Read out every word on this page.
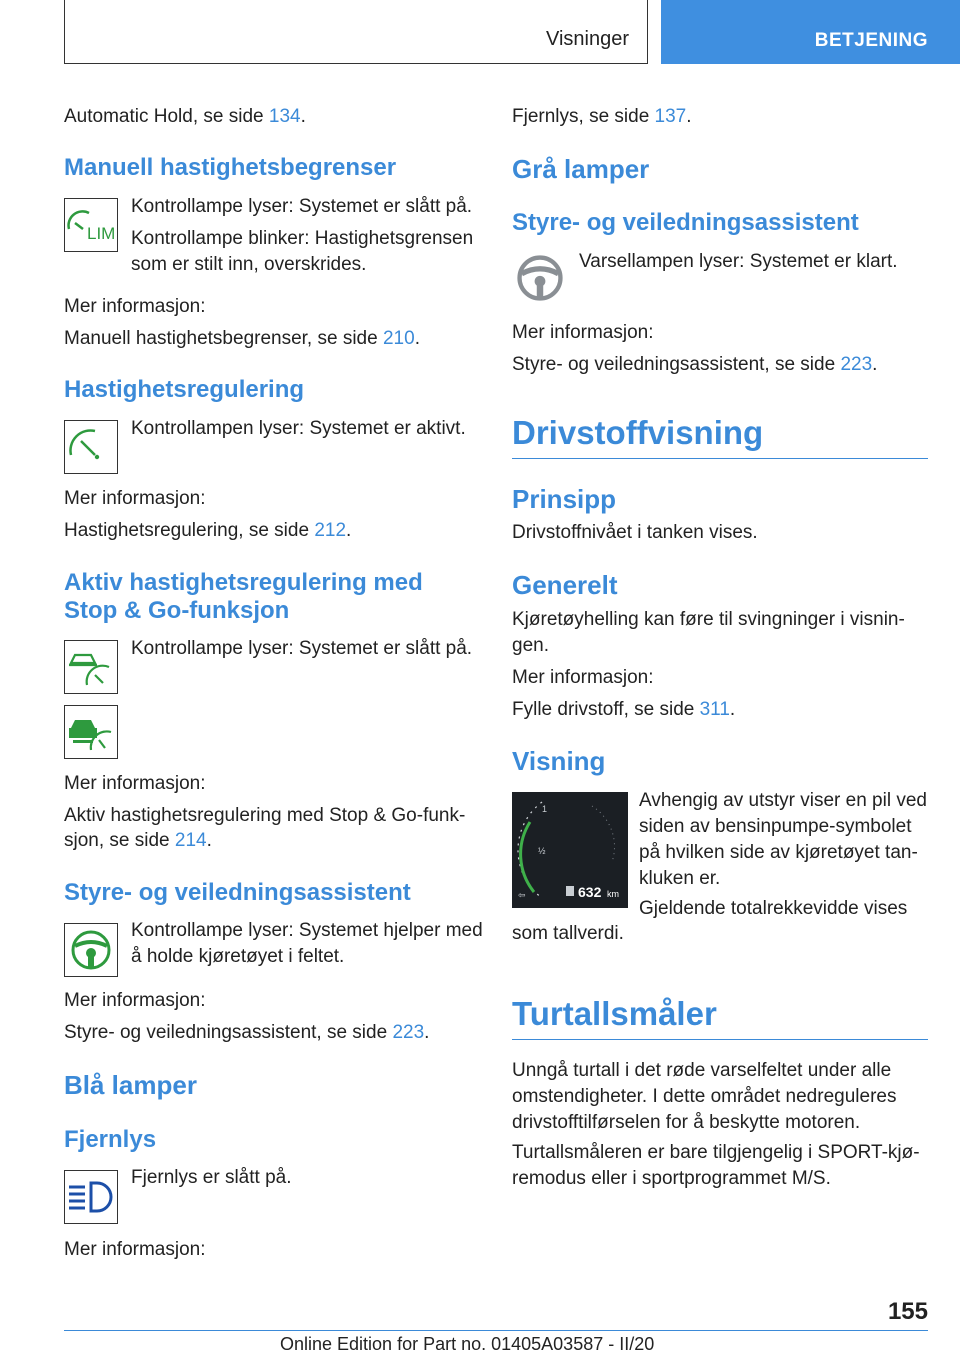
Visninger	BETJENING

Automatic Hold, se side 134.

Manuell hastighetsbegrenser
LIM

Kontrollampe lyser: Systemet er slått på.

Kontrollampe blinker: Hastighetsgrensen som er stilt inn, overskrides.

Mer informasjon:

Manuell hastighetsbegrenser, se side 210.

Hastighetsregulering

Kontrollampen lyser: Systemet er aktivt.

Mer informasjon:

Hastighetsregulering, se side 212.

Aktiv hastighetsregulering med
Stop & Go-funksjon

Kontrollampe lyser: Systemet er slått på.

Mer informasjon:

Aktiv hastighetsregulering med Stop & Go-funk-

sjon, se side 214.

Styre- og veiledningsassistent

Kontrollampe lyser: Systemet hjelper med å holde kjøretøyet i feltet.

Mer informasjon:

Styre- og veiledningsassistent, se side 223.

Blå lamper
Fjernlys

Fjernlys er slått på.

Mer informasjon:

Fjernlys, se side 137.

Grå lamper
Styre- og veiledningsassistent

Varsellampen lyser: Systemet er klart.

Mer informasjon:

Styre- og veiledningsassistent, se side 223.

Drivstoffvisning
Prinsipp

Drivstoffnivået i tanken vises.

Generelt

Kjøretøyhelling kan føre til svingninger i visnin-gen.

Mer informasjon:

Fylle drivstoff, se side 311.

Visning
1
½
⇦	632 km

Avhengig av utstyr viser en pil ved siden av bensinpumpe-symbolet på hvilken side av kjøretøyet tan-kluken er.

Gjeldende totalrekkevidde vises

som tallverdi.

Turtallsmåler

Unngå turtall i det røde varselfeltet under alle omstendigheter. I dette området nedreguleres drivstofftilførselen for å beskytte motoren.

Turtallsmåleren er bare tilgjengelig i SPORT-kjø-remodus eller i sportprogrammet M/S.

155
Online Edition for Part no. 01405A03587 - II/20
